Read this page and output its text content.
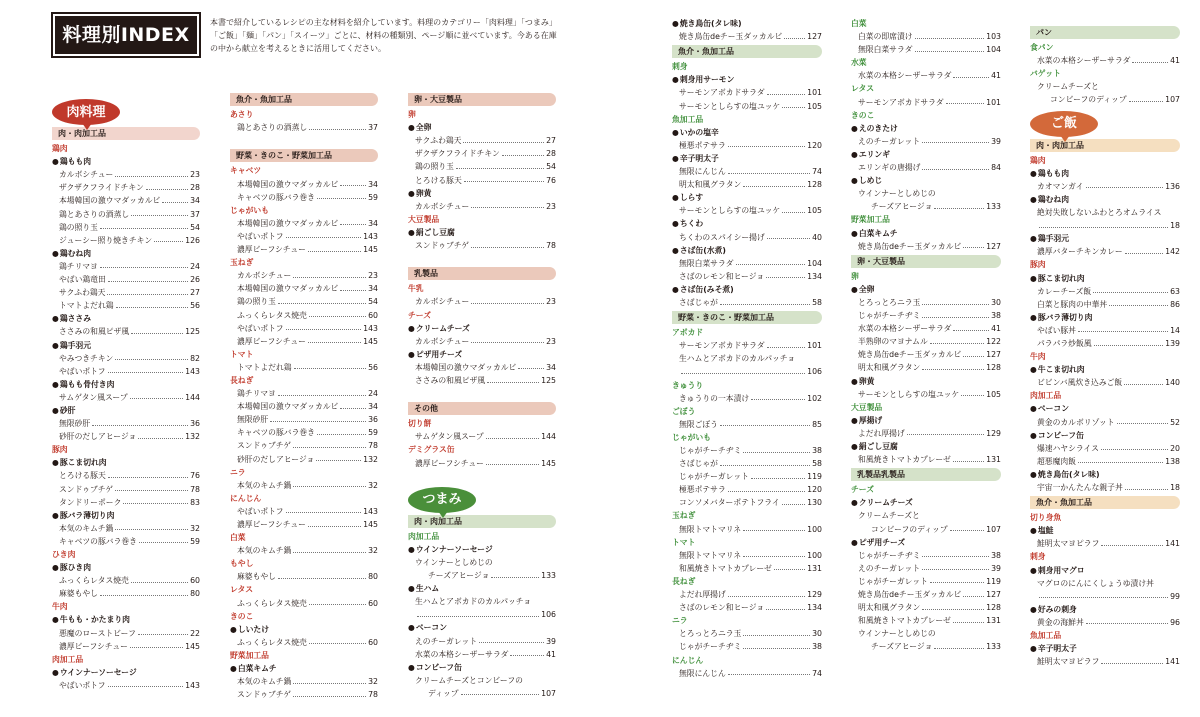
料理別INDEX
本書で紹介しているレシピの主な材料を紹介しています。料理のカテゴリー「肉料理」「つまみ」「ご飯」「麺」「パン」「スイーツ」ごとに、材料の種類別、ページ順に並べています。今ある在庫の中から献立を考えるときに活用してください。
肉料理
肉・肉加工品
鶏肉
● 鶏もも肉
カルボシチュー	23
ザクザクフライドチキン	28
本場韓国の激ウマダッカルビ	34
鶏とあさりの酒蒸し	37
鶏の照り玉	54
ジューシー照り焼きチキン	126
● 鶏むね肉
鶏チリマヨ	24
やばい鶏竜田	26
サクふわ鶏天	27
トマトよだれ鶏	56
● 鶏ささみ
ささみの和風ピザ風	125
● 鶏手羽元
やみつきチキン	82
やばいポトフ	143
● 鶏もも骨付き肉
サムゲタン風スープ	144
● 砂肝
無限砂肝	36
砂肝のだしアヒージョ	132
豚肉
● 豚こま切れ肉
とろける豚天	76
スンドゥブチゲ	78
タンドリーポーク	83
● 豚バラ薄切り肉
本気のキムチ鍋	32
キャベツの豚バラ巻き	59
ひき肉
● 豚ひき肉
ふっくらレタス焼売	60
麻婆もやし	80
牛肉
● 牛もも・かたまり肉
悪魔のローストビーフ	22
濃厚ビーフシチュー	145
肉加工品
● ウインナーソーセージ
やばいポトフ	143
魚介・魚加工品
あさり
鶏とあさりの酒蒸し	37
野菜・きのこ・野菜加工品
キャベツ
本場韓国の激ウマダッカルビ	34
キャベツの豚バラ巻き	59
じゃがいも
本場韓国の激ウマダッカルビ	34
やばいポトフ	143
濃厚ビーフシチュー	145
玉ねぎ
カルボシチュー	23
本場韓国の激ウマダッカルビ	34
鶏の照り玉	54
ふっくらレタス焼売	60
やばいポトフ	143
濃厚ビーフシチュー	145
トマト
トマトよだれ鶏	56
長ねぎ
鶏チリマヨ	24
本場韓国の激ウマダッカルビ	34
無限砂肝	36
キャベツの豚バラ巻き	59
スンドゥブチゲ	78
砂肝のだしアヒージョ	132
ニラ
本気のキムチ鍋	32
にんじん
やばいポトフ	143
濃厚ビーフシチュー	145
白菜
本気のキムチ鍋	32
もやし
麻婆もやし	80
レタス
ふっくらレタス焼売	60
きのこ
● しいたけ
ふっくらレタス焼売	60
野菜加工品
● 白菜キムチ
本気のキムチ鍋	32
スンドゥブチゲ	78
卵・大豆製品
卵
● 全卵
サクふわ鶏天	27
ザクザクフライドチキン	28
鶏の照り玉	54
とろける豚天	76
● 卵黄
カルボシチュー	23
大豆製品
● 絹ごし豆腐
スンドゥブチゲ	78
乳製品
牛乳
カルボシチュー	23
チーズ
● クリームチーズ
カルボシチュー	23
● ピザ用チーズ
本場韓国の激ウマダッカルビ	34
ささみの和風ピザ風	125
その他
切り餅
サムゲタン風スープ	144
デミグラス缶
濃厚ビーフシチュー	145
つまみ
肉・肉加工品
肉加工品
● ウインナーソーセージ
ウインナーとしめじの
チーズアヒージョ	133
● 生ハム
生ハムとアボカドのカルパッチョ
106
● ベーコン
えのチーガレット	39
水菜の本格シーザーサラダ	41
● コンビーフ缶
クリームチーズとコンビーフの
ディップ	107
● 焼き鳥缶(タレ味)
焼き鳥缶deチー玉ダッカルビ	127
魚介・魚加工品
刺身
● 刺身用サーモン
サーモンアボカドサラダ	101
サーモンとしらすの塩ユッケ	105
魚加工品
● いかの塩辛
極悪ポテサラ	120
● 辛子明太子
無限にんじん	74
明太和風グラタン	128
● しらす
サーモンとしらすの塩ユッケ	105
● ちくわ
ちくわのスパイシー揚げ	40
● さば缶(水煮)
無限白菜サラダ	104
さばのレモン和ヒージョ	134
● さば缶(みそ煮)
さばじゃが	58
野菜・きのこ・野菜加工品
アボカド
サーモンアボカドサラダ	101
生ハムとアボカドのカルパッチョ
106
きゅうり
きゅうりの一本漬け	102
ごぼう
無限ごぼう	85
じゃがいも
じゃがチーチヂミ	38
さばじゃが	58
じゃがチーガレット	119
極悪ポテサラ	120
コンソメバターポテトフライ	130
玉ねぎ
無限トマトマリネ	100
トマト
無限トマトマリネ	100
和風焼きトマトカプレーゼ	131
長ねぎ
よだれ厚揚げ	129
さばのレモン和ヒージョ	134
ニラ
とろっとろニラ玉	30
じゃがチーチヂミ	38
にんじん
無限にんじん	74
白菜
白菜の即席漬け	103
無限白菜サラダ	104
水菜
水菜の本格シーザーサラダ	41
レタス
サーモンアボカドサラダ	101
きのこ
● えのきたけ
えのチーガレット	39
● エリンギ
エリンギの唐揚げ	84
● しめじ
ウインナーとしめじの
チーズアヒージョ	133
野菜加工品
● 白菜キムチ
焼き鳥缶deチー玉ダッカルビ	127
卵・大豆製品
卵
● 全卵
とろっとろニラ玉	30
じゃがチーチヂミ	38
水菜の本格シーザーサラダ	41
半熟卵のマヨナムル	122
焼き鳥缶deチー玉ダッカルビ	127
明太和風グラタン	128
● 卵黄
サーモンとしらすの塩ユッケ	105
大豆製品
● 厚揚げ
よだれ厚揚げ	129
● 絹ごし豆腐
和風焼きトマトカプレーゼ	131
乳製品乳製品
チーズ
● クリームチーズ
クリームチーズと
コンビーフのディップ	107
● ピザ用チーズ
じゃがチーチヂミ	38
えのチーガレット	39
じゃがチーガレット	119
焼き鳥缶deチー玉ダッカルビ	127
明太和風グラタン	128
和風焼きトマトカプレーゼ	131
ウインナーとしめじの
チーズアヒージョ	133
パン
食パン
水菜の本格シーザーサラダ	41
バゲット
クリームチーズと
コンビーフのディップ	107
ご飯
肉・肉加工品
鶏肉
● 鶏もも肉
カオマンガイ	136
● 鶏むね肉
絶対失敗しないふわとろオムライス
18
● 鶏手羽元
濃厚バターチキンカレー	142
豚肉
● 豚こま切れ肉
カレーチーズ飯	63
白菜と豚肉の中華丼	86
● 豚バラ薄切り肉
やばい豚丼	14
パラパラ炒飯風	139
牛肉
● 牛こま切れ肉
ビビンバ風炊き込みご飯	140
肉加工品
● ベーコン
黄金のカルボリゾット	52
● コンビーフ缶
爆速ハヤシライス	20
超悪魔肉飯	138
● 焼き鳥缶(タレ味)
宇宙一かんたんな親子丼	18
魚介・魚加工品
切り身魚
● 塩鮭
鮭明太マヨピラフ	141
刺身
● 刺身用マグロ
マグロのにんにくしょうゆ漬け丼
99
● 好みの刺身
黄金の海鮮丼	96
魚加工品
● 辛子明太子
鮭明太マヨピラフ	141
